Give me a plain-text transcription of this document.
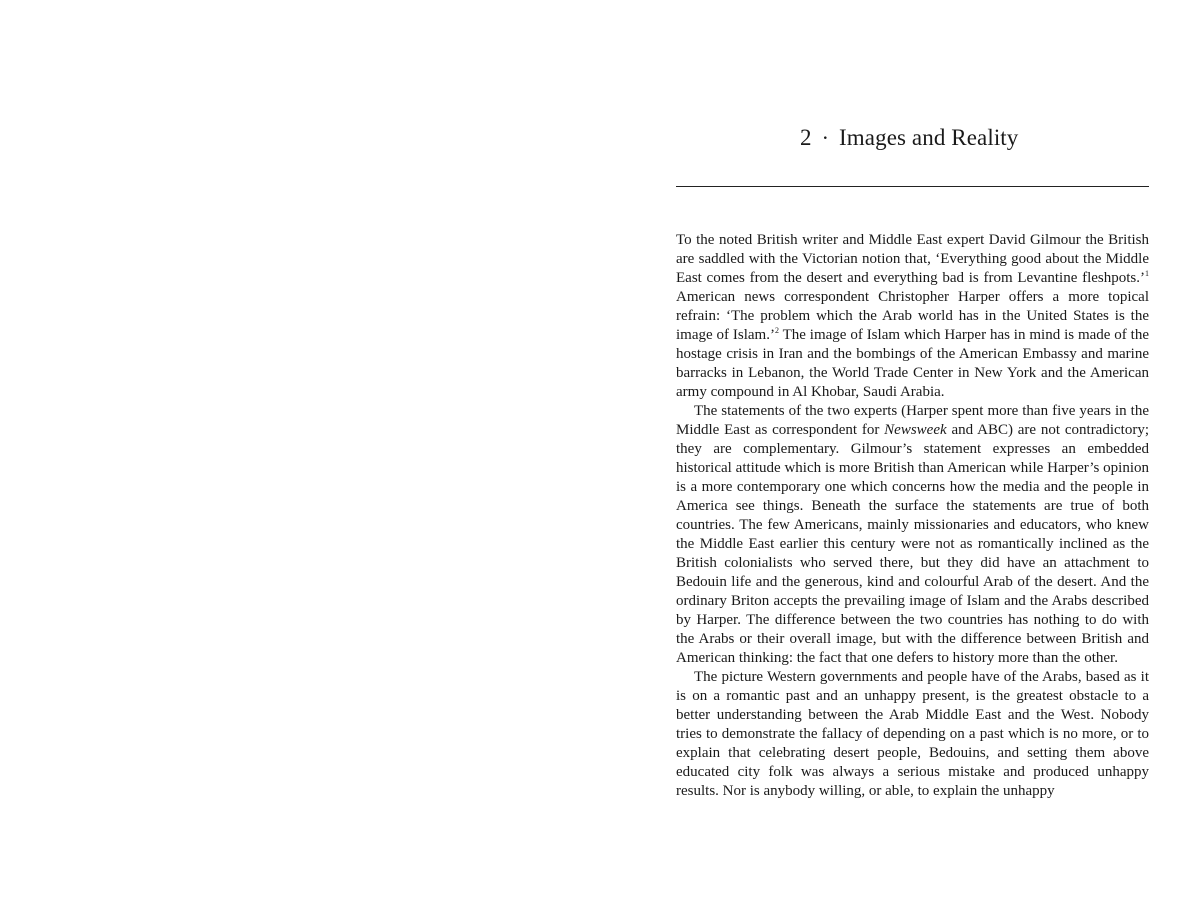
2 · Images and Reality

To the noted British writer and Middle East expert David Gilmour the British are saddled with the Victorian notion that, ‘Everything good about the Middle East comes from the desert and everything bad is from Levantine fleshpots.’$^1$ American news correspondent Christopher Harper offers a more topical refrain: ‘The problem which the Arab world has in the United States is the image of Islam.’$^2$ The image of Islam which Harper has in mind is made of the hostage crisis in Iran and the bombings of the American Embassy and marine barracks in Lebanon, the World Trade Center in New York and the American army compound in Al Khobar, Saudi Arabia.

The statements of the two experts (Harper spent more than five years in the Middle East as correspondent for Newsweek and ABC) are not contradictory; they are complementary. Gilmour’s statement expresses an embedded historical attitude which is more British than American while Harper’s opinion is a more contemporary one which concerns how the media and the people in America see things. Beneath the surface the statements are true of both countries. The few Americans, mainly missionaries and educators, who knew the Middle East earlier this century were not as romantically inclined as the British colonialists who served there, but they did have an attachment to Bedouin life and the generous, kind and colourful Arab of the desert. And the ordinary Briton accepts the prevailing image of Islam and the Arabs described by Harper. The difference between the two countries has nothing to do with the Arabs or their overall image, but with the difference between British and American thinking: the fact that one defers to history more than the other.

The picture Western governments and people have of the Arabs, based as it is on a romantic past and an unhappy present, is the greatest obstacle to a better understanding between the Arab Middle East and the West. Nobody tries to demonstrate the fallacy of depending on a past which is no more, or to explain that celebrating desert people, Bedouins, and setting them above educated city folk was always a serious mistake and produced unhappy results. Nor is anybody willing, or able, to explain the unhappy
